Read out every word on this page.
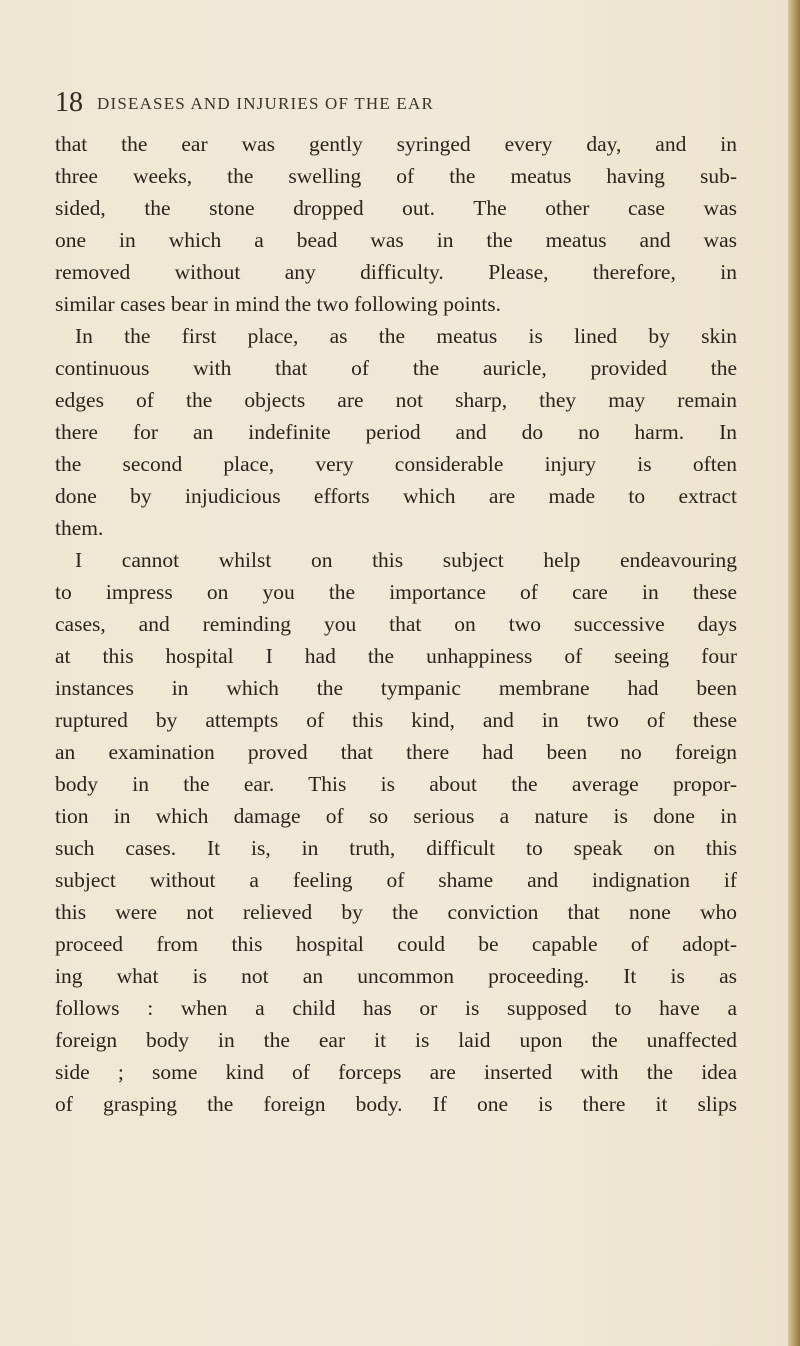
18 DISEASES AND INJURIES OF THE EAR
that the ear was gently syringed every day, and in
three weeks, the swelling of the meatus having sub-
sided, the stone dropped out. The other case was
one in which a bead was in the meatus and was
removed without any difficulty. Please, therefore, in
similar cases bear in mind the two following points.
In the first place, as the meatus is lined by skin
continuous with that of the auricle, provided the
edges of the objects are not sharp, they may remain
there for an indefinite period and do no harm. In
the second place, very considerable injury is often
done by injudicious efforts which are made to extract
them.
I cannot whilst on this subject help endeavouring
to impress on you the importance of care in these
cases, and reminding you that on two successive days
at this hospital I had the unhappiness of seeing four
instances in which the tympanic membrane had been
ruptured by attempts of this kind, and in two of these
an examination proved that there had been no foreign
body in the ear. This is about the average propor-
tion in which damage of so serious a nature is done in
such cases. It is, in truth, difficult to speak on this
subject without a feeling of shame and indignation if
this were not relieved by the conviction that none who
proceed from this hospital could be capable of adopt-
ing what is not an uncommon proceeding. It is as
follows : when a child has or is supposed to have a
foreign body in the ear it is laid upon the unaffected
side ; some kind of forceps are inserted with the idea
of grasping the foreign body. If one is there it slips
